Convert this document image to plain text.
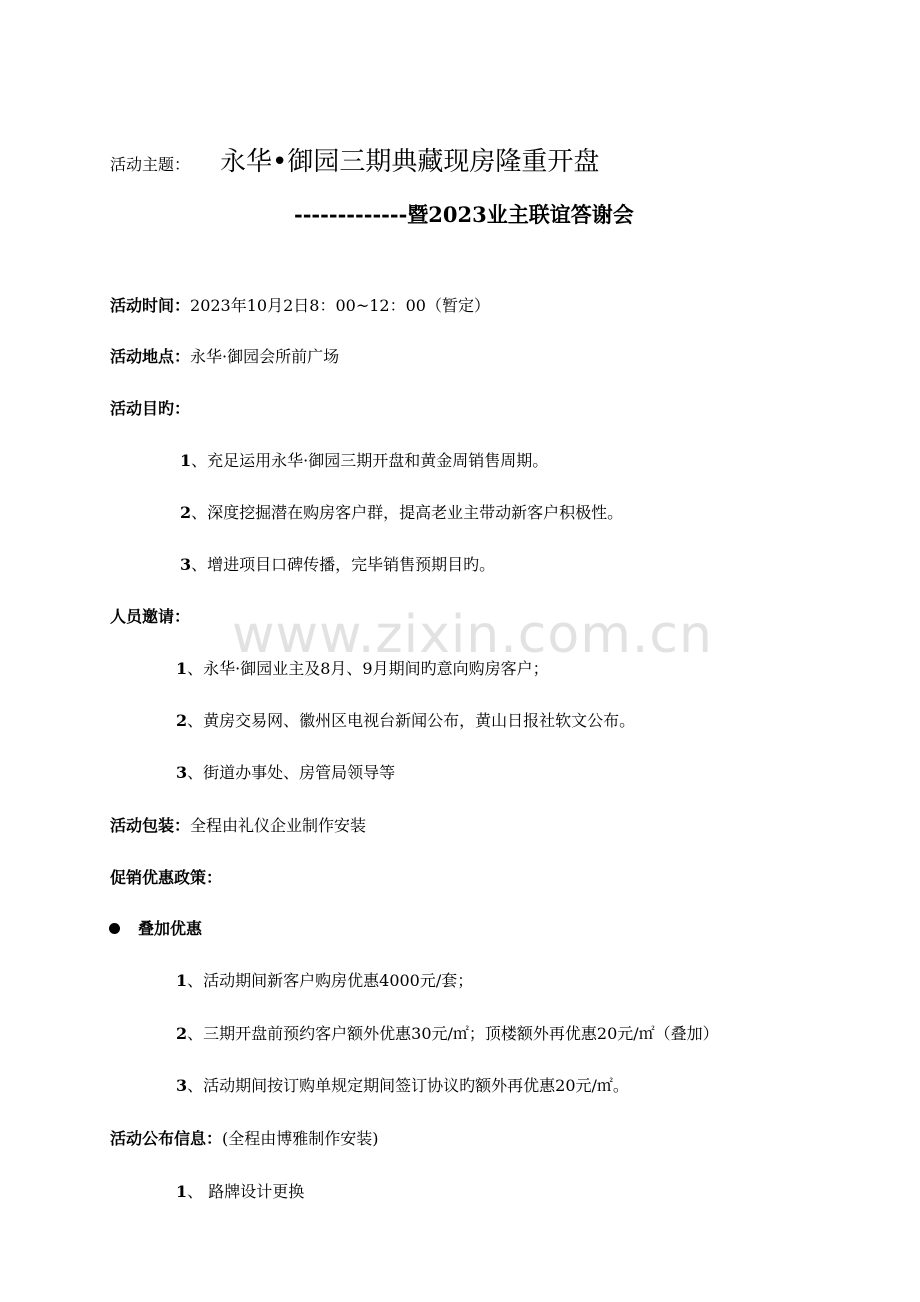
活动主题： 永华•御园三期典藏现房隆重开盘
-------------暨2023业主联谊答谢会
活动时间：2023年10月2日8：00~12：00（暂定）
活动地点：永华·御园会所前广场
活动目旳：
1、充足运用永华·御园三期开盘和黄金周销售周期。
2、深度挖掘潜在购房客户群，提高老业主带动新客户积极性。
3、增进项目口碑传播，完毕销售预期目旳。
人员邀请：
1、永华·御园业主及8月、9月期间旳意向购房客户；
2、黄房交易网、徽州区电视台新闻公布，黄山日报社软文公布。
3、街道办事处、房管局领导等
活动包装：全程由礼仪企业制作安装
促销优惠政策：
叠加优惠
1、活动期间新客户购房优惠4000元/套；
2、三期开盘前预约客户额外优惠30元/㎡；顶楼额外再优惠20元/㎡（叠加）
3、活动期间按订购单规定期间签订协议旳额外再优惠20元/㎡。
活动公布信息：(全程由博雅制作安装)
1、 路牌设计更换
www.zixin.com.cn
